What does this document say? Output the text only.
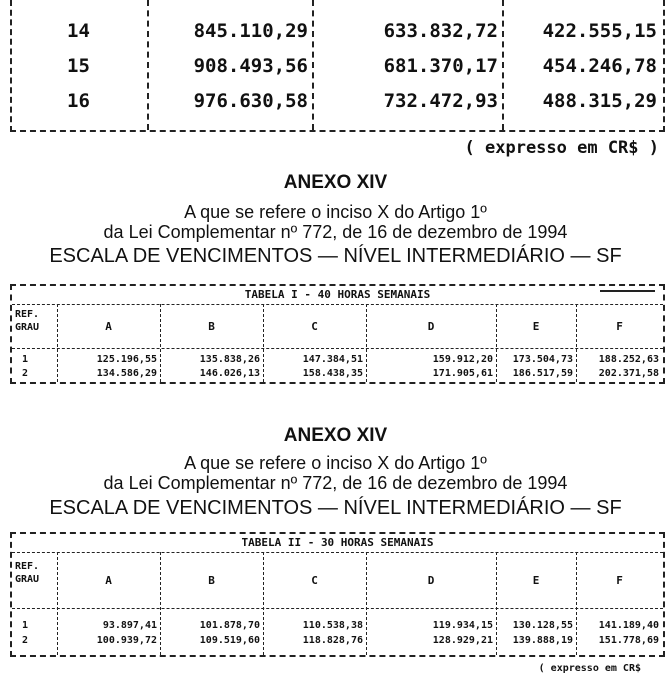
14	845.110,29	633.832,72 422.555,15
15	908.493,56	681.370,17 454.246,78
16	976.630,58	732.472,93 488.315,29
( expresso em CR$ )
ANEXO XIV
A que se refere o inciso X do Artigo 1º
da Lei Complementar nº 772, de 16 de dezembro de 1994
ESCALA DE VENCIMENTOS — NÍVEL INTERMEDIÁRIO — SF
TABELA I - 40 HORAS SEMANAIS
REF.
GRAU	A	B	C	D	E	F
1	125.196,55	135.838,26	147.384,51	159.912,20 173.504,73	188.252,63
2	134.586,29	146.026,13	158.438,35	171.905,61 186.517,59	202.371,58
ANEXO XIV
A que se refere o inciso X do Artigo 1º
da Lei Complementar nº 772, de 16 de dezembro de 1994
ESCALA DE VENCIMENTOS — NÍVEL INTERMEDIÁRIO — SF
TABELA II - 30 HORAS SEMANAIS
REF.
GRAU	A	B	C	D	E	F
1	93.897,41	101.878,70	110.538,38	119.934,15 130.128,55	141.189,40
2	100.939,72	109.519,60	118.828,76	128.929,21 139.888,19	151.778,69
( expresso em CR$
